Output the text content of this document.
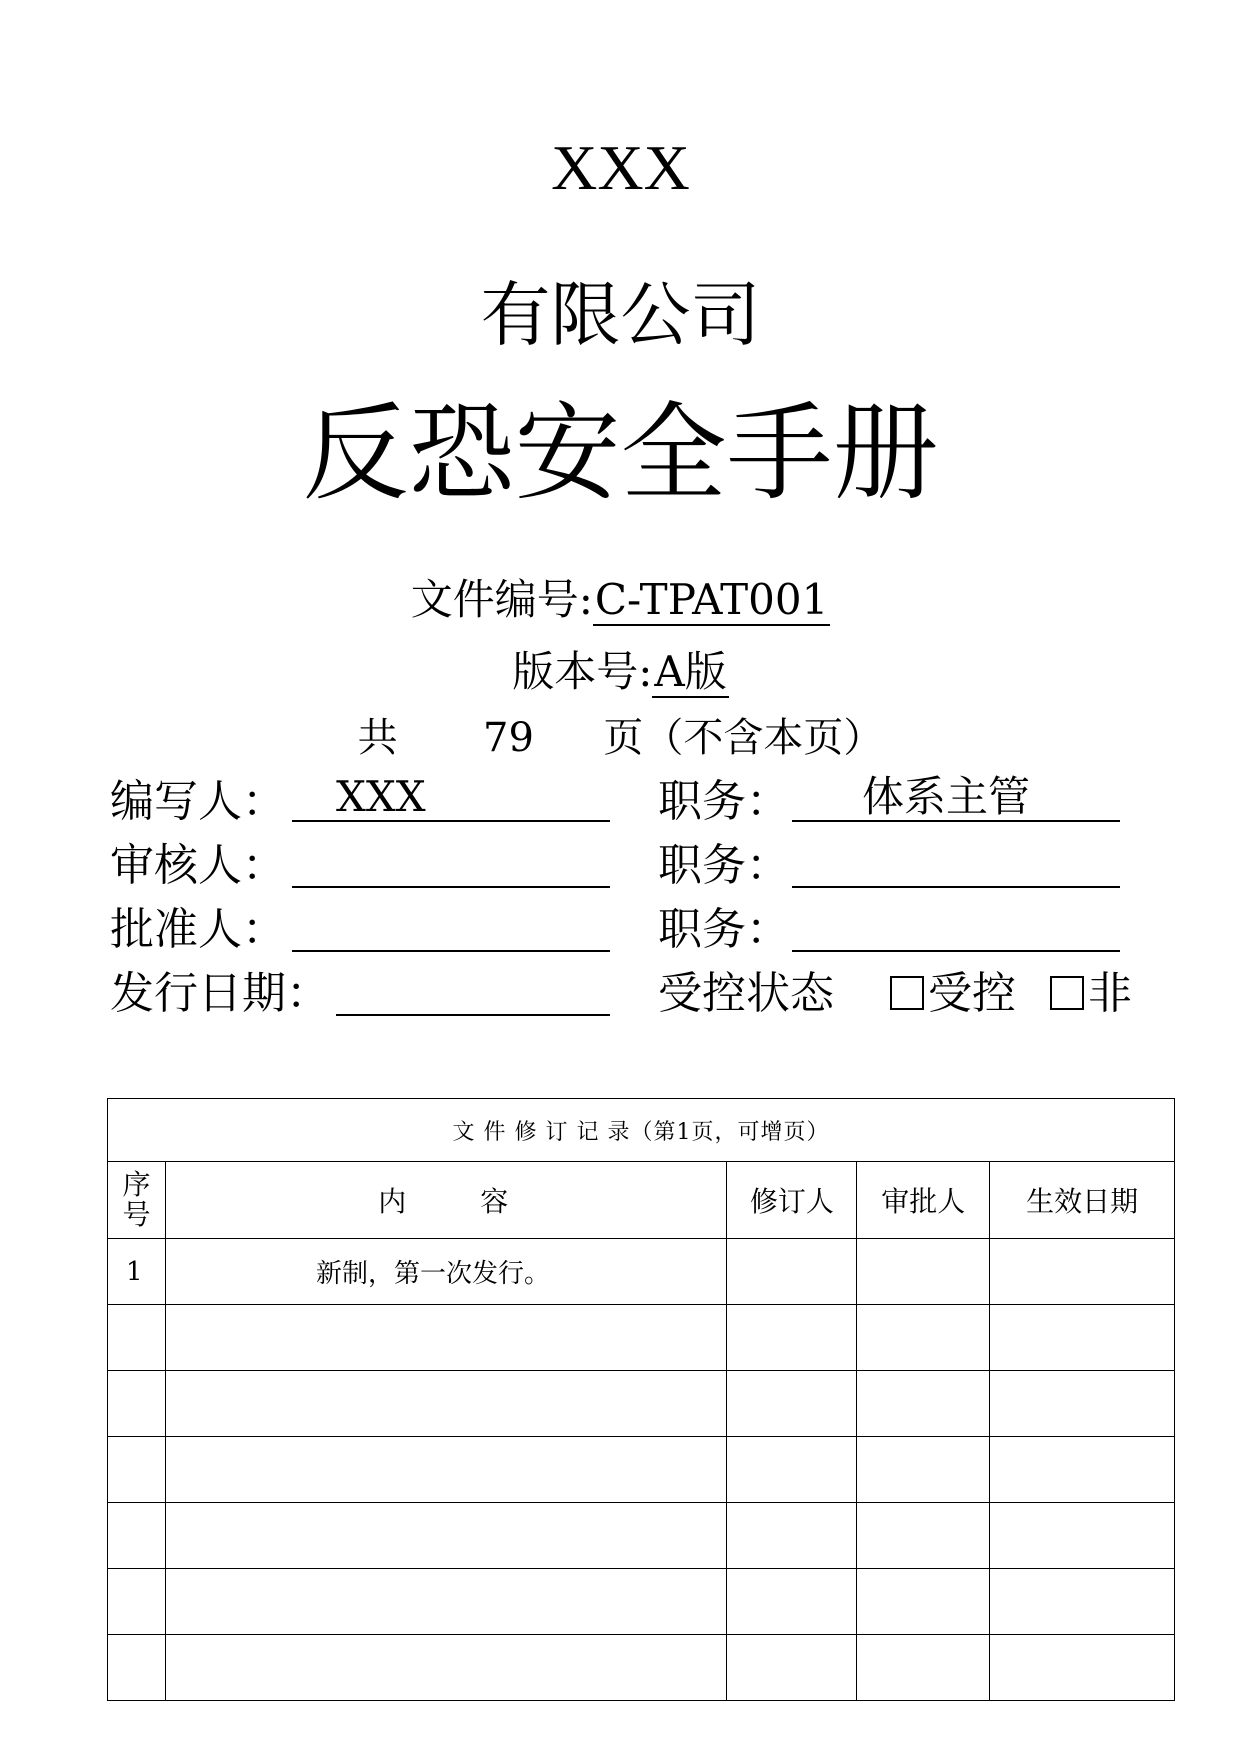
XXX
有限公司
反恐安全手册
文件编号:C-TPAT001
版本号:A版
共 79 页（不含本页）
编写人：	XXX	职务：	体系主管
审核人：	职务：
批准人：	职务：
发行日期：	受控状态	受控	非
文 件 修 订 记 录（第1页，可增页）				
序号	内　　容	修订人	审批人	生效日期
1	新制，第一次发行。			
